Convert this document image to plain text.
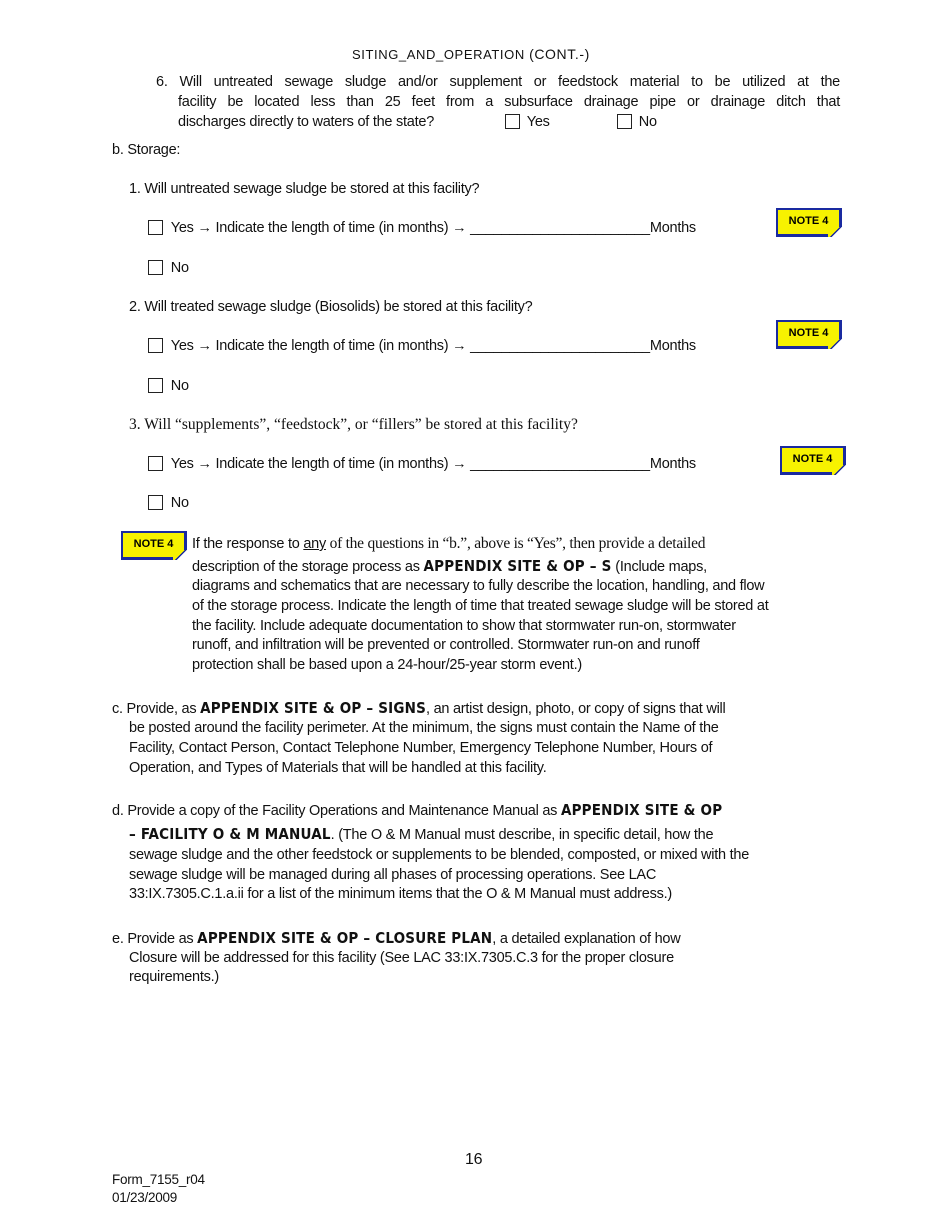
SITING_AND_OPERATION (CONT.-)
6. Will untreated sewage sludge and/or supplement or feedstock material to be utilized at the
facility be located less than 25 feet from a subsurface drainage pipe or drainage ditch that
discharges directly to waters of the state?	Yes	No
b. Storage:
1. Will untreated sewage sludge be stored at this facility?
Yes → Indicate the length of time (in months) → _______________________Months	NOTE 4
No
2. Will treated sewage sludge (Biosolids) be stored at this facility?
Yes → Indicate the length of time (in months) → _______________________Months
NOTE 4
No
3. Will “supplements”, “feedstock”, or “fillers” be stored at this facility?
Yes → Indicate the length of time (in months) → _______________________Months	NOTE 4
No
NOTE 4	If the response to any of the questions in “b.”, above is “Yes”, then provide a detailed
description of the storage process as APPENDIX SITE & OP – S (Include maps,
diagrams and schematics that are necessary to fully describe the location, handling, and flow
of the storage process. Indicate the length of time that treated sewage sludge will be stored at
the facility. Include adequate documentation to show that stormwater run-on, stormwater
runoff, and infiltration will be prevented or controlled. Stormwater run-on and runoff
protection shall be based upon a 24-hour/25-year storm event.)
c. Provide, as APPENDIX SITE & OP – SIGNS, an artist design, photo, or copy of signs that will
be posted around the facility perimeter. At the minimum, the signs must contain the Name of the
Facility, Contact Person, Contact Telephone Number, Emergency Telephone Number, Hours of
Operation, and Types of Materials that will be handled at this facility.
d. Provide a copy of the Facility Operations and Maintenance Manual as APPENDIX SITE & OP
– FACILITY O & M MANUAL. (The O & M Manual must describe, in specific detail, how the
sewage sludge and the other feedstock or supplements to be blended, composted, or mixed with the
sewage sludge will be managed during all phases of processing operations. See LAC
33:IX.7305.C.1.a.ii for a list of the minimum items that the O & M Manual must address.)
e. Provide as APPENDIX SITE & OP – CLOSURE PLAN, a detailed explanation of how
Closure will be addressed for this facility (See LAC 33:IX.7305.C.3 for the proper closure
requirements.)
16
Form_7155_r04
01/23/2009
